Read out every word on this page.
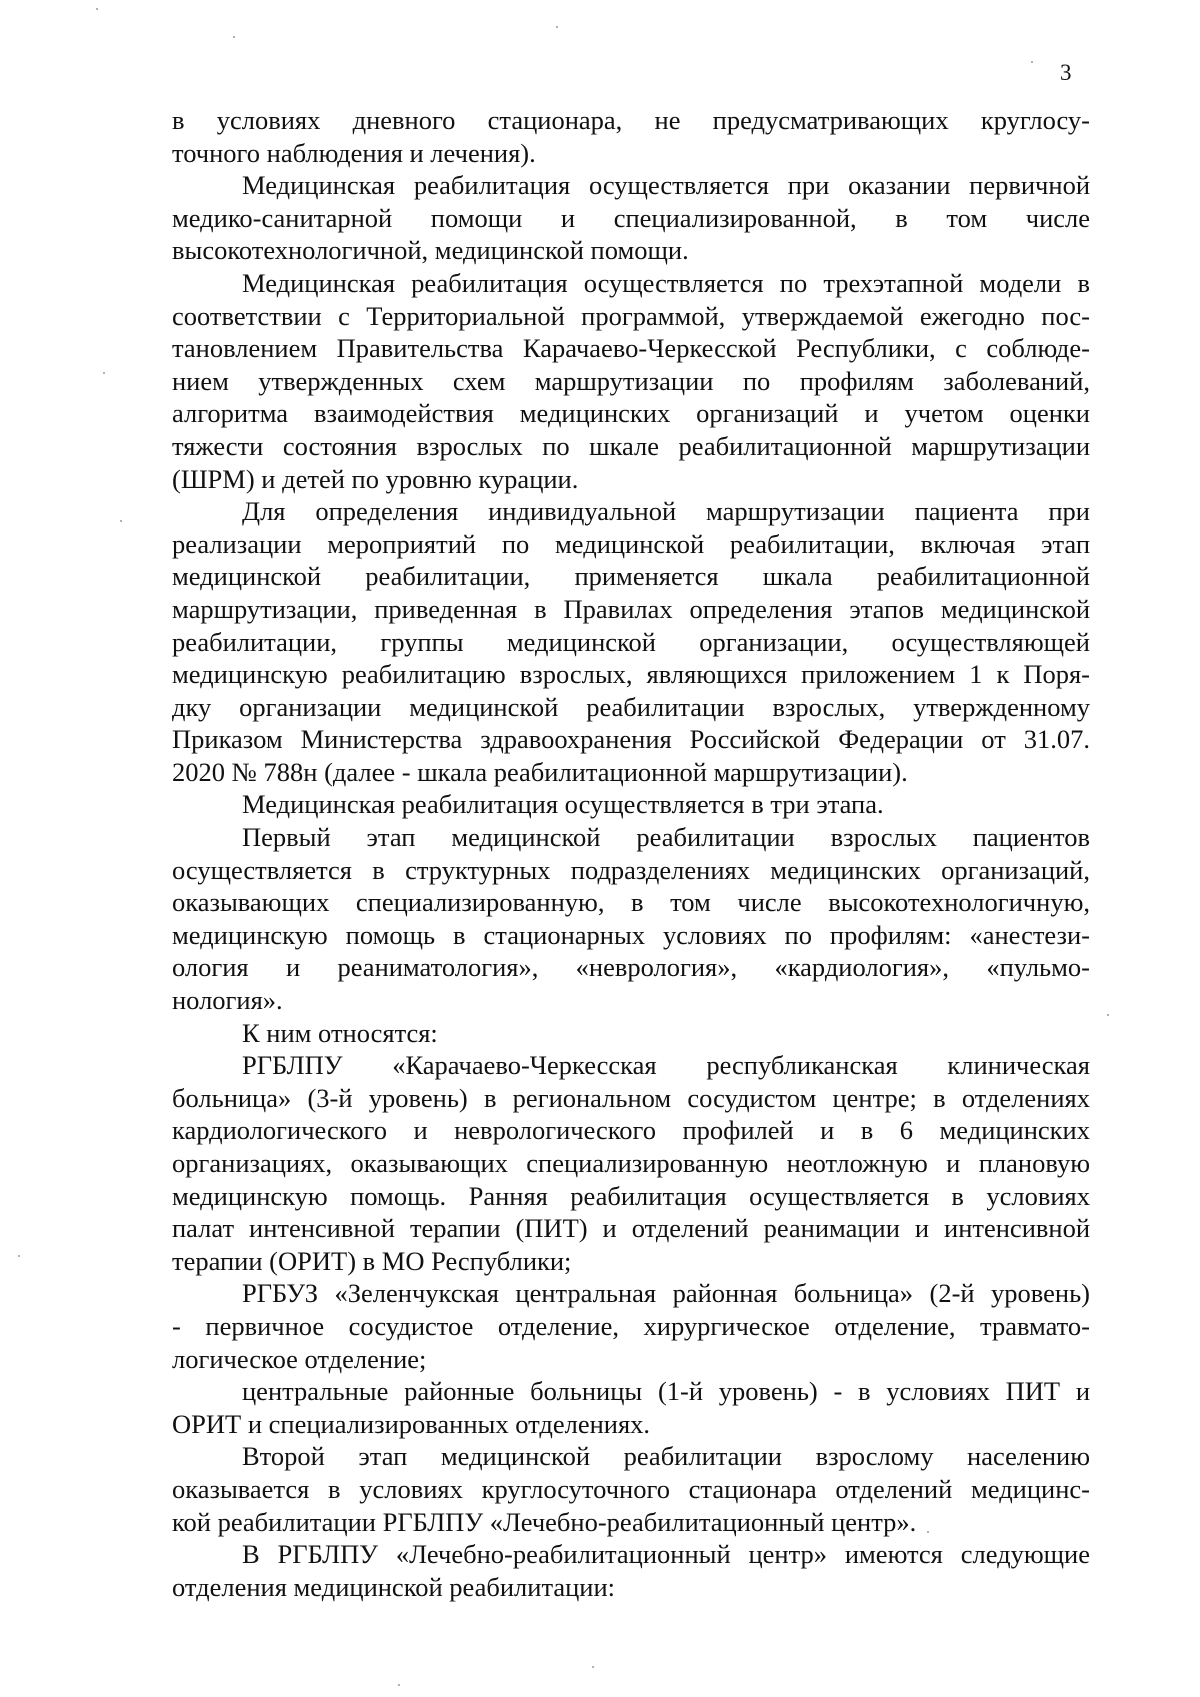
3
в условиях дневного стационара, не предусматривающих круглосу-
точного наблюдения и лечения).
Медицинская реабилитация осуществляется при оказании первичной
медико-санитарной помощи и специализированной, в том числе
высокотехнологичной, медицинской помощи.
Медицинская реабилитация осуществляется по трехэтапной модели в
соответствии с Территориальной программой, утверждаемой ежегодно пос-
тановлением Правительства Карачаево-Черкесской Республики, с соблюде-
нием утвержденных схем маршрутизации по профилям заболеваний,
алгоритма взаимодействия медицинских организаций и учетом оценки
тяжести состояния взрослых по шкале реабилитационной маршрутизации
(ШРМ) и детей по уровню курации.
Для определения индивидуальной маршрутизации пациента при
реализации мероприятий по медицинской реабилитации, включая этап
медицинской реабилитации, применяется шкала реабилитационной
маршрутизации, приведенная в Правилах определения этапов медицинской
реабилитации, группы медицинской организации, осуществляющей
медицинскую реабилитацию взрослых, являющихся приложением 1 к Поря-
дку организации медицинской реабилитации взрослых, утвержденному
Приказом Министерства здравоохранения Российской Федерации от 31.07.
2020 № 788н (далее - шкала реабилитационной маршрутизации).
Медицинская реабилитация осуществляется в три этапа.
Первый этап медицинской реабилитации взрослых пациентов
осуществляется в структурных подразделениях медицинских организаций,
оказывающих специализированную, в том числе высокотехнологичную,
медицинскую помощь в стационарных условиях по профилям: «анестези-
ология и реаниматология», «неврология», «кардиология», «пульмо-
нология».
К ним относятся:
РГБЛПУ «Карачаево-Черкесская республиканская клиническая
больница» (3-й уровень) в региональном сосудистом центре; в отделениях
кардиологического и неврологического профилей и в 6 медицинских
организациях, оказывающих специализированную неотложную и плановую
медицинскую помощь. Ранняя реабилитация осуществляется в условиях
палат интенсивной терапии (ПИТ) и отделений реанимации и интенсивной
терапии (ОРИТ) в МО Республики;
РГБУЗ «Зеленчукская центральная районная больница» (2-й уровень)
- первичное сосудистое отделение, хирургическое отделение, травмато-
логическое отделение;
центральные районные больницы (1-й уровень) - в условиях ПИТ и
ОРИТ и специализированных отделениях.
Второй этап медицинской реабилитации взрослому населению
оказывается в условиях круглосуточного стационара отделений медицинс-
кой реабилитации РГБЛПУ «Лечебно-реабилитационный центр».
В РГБЛПУ «Лечебно-реабилитационный центр» имеются следующие
отделения медицинской реабилитации:
